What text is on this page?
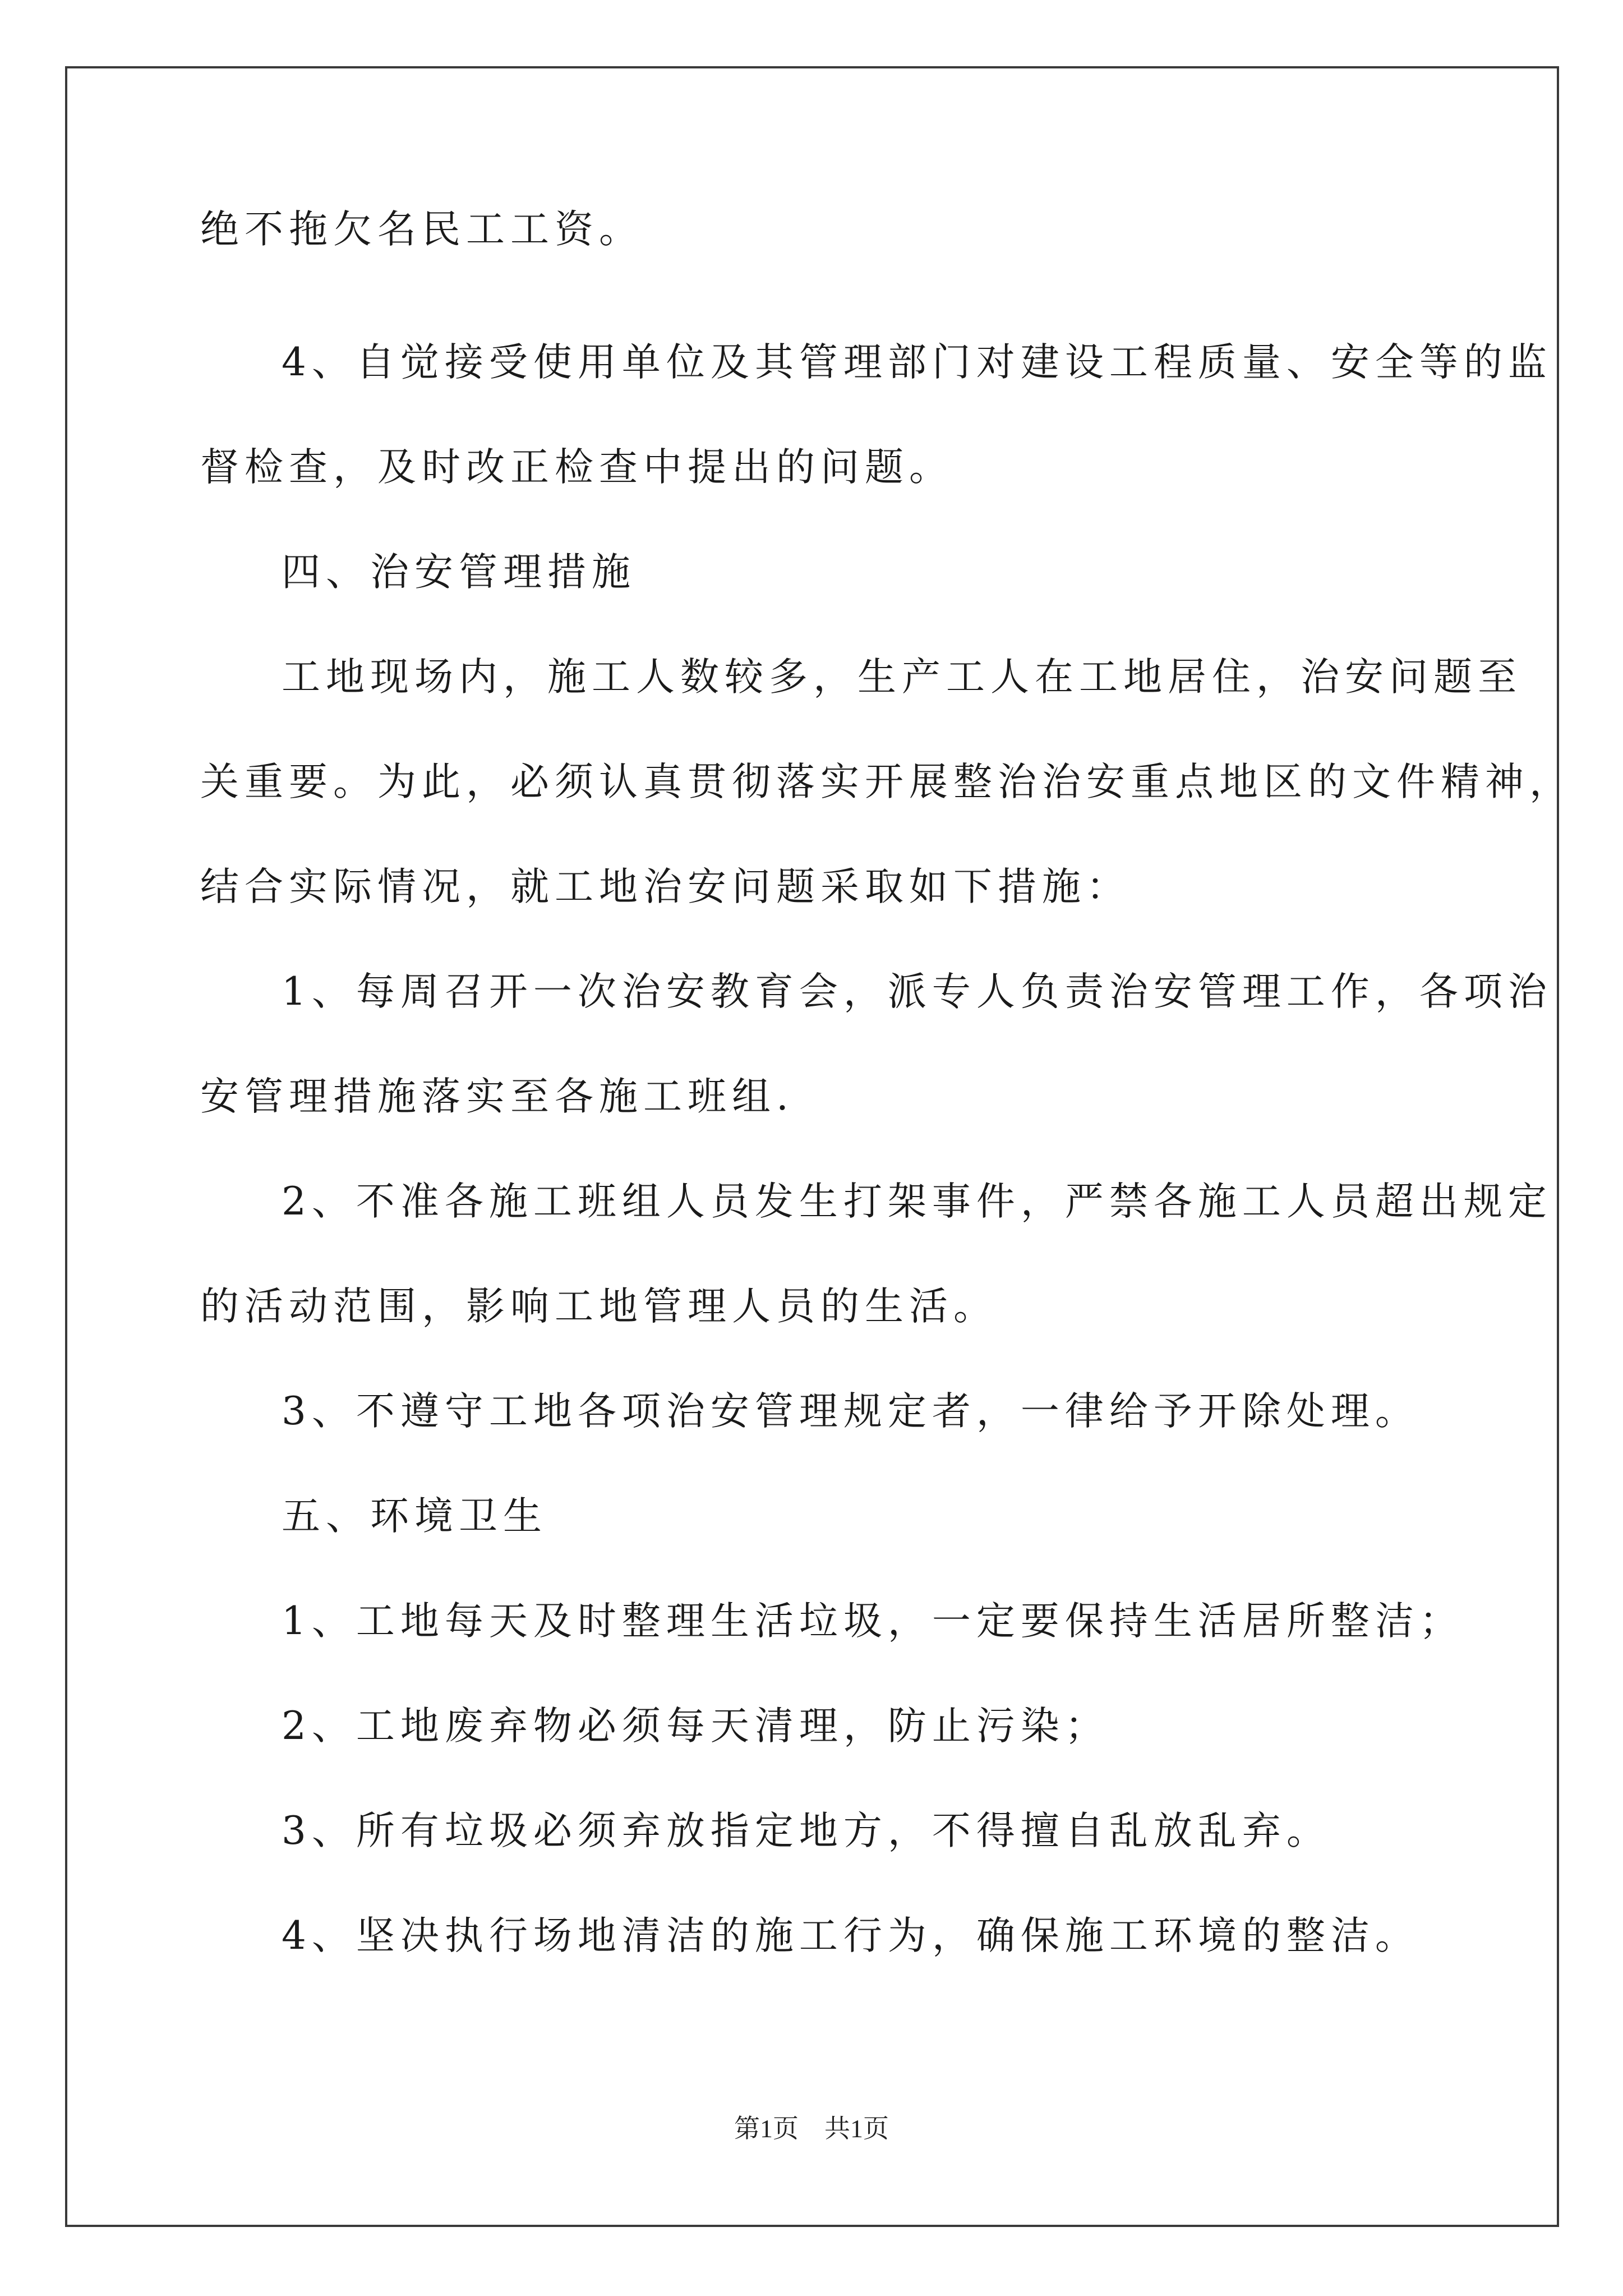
绝不拖欠名民工工资。
4、自觉接受使用单位及其管理部门对建设工程质量、安全等的监
督检查，及时改正检查中提出的问题。
四、治安管理措施
工地现场内，施工人数较多，生产工人在工地居住，治安问题至
关重要。为此，必须认真贯彻落实开展整治治安重点地区的文件精神，
结合实际情况，就工地治安问题采取如下措施：
1、每周召开一次治安教育会，派专人负责治安管理工作，各项治
安管理措施落实至各施工班组.
2、不准各施工班组人员发生打架事件，严禁各施工人员超出规定
的活动范围，影响工地管理人员的生活。
3、不遵守工地各项治安管理规定者，一律给予开除处理。
五、环境卫生
1、工地每天及时整理生活垃圾，一定要保持生活居所整洁；
2、工地废弃物必须每天清理，防止污染；
3、所有垃圾必须弃放指定地方，不得擅自乱放乱弃。
4、坚决执行场地清洁的施工行为，确保施工环境的整洁。
第1页　共1页
